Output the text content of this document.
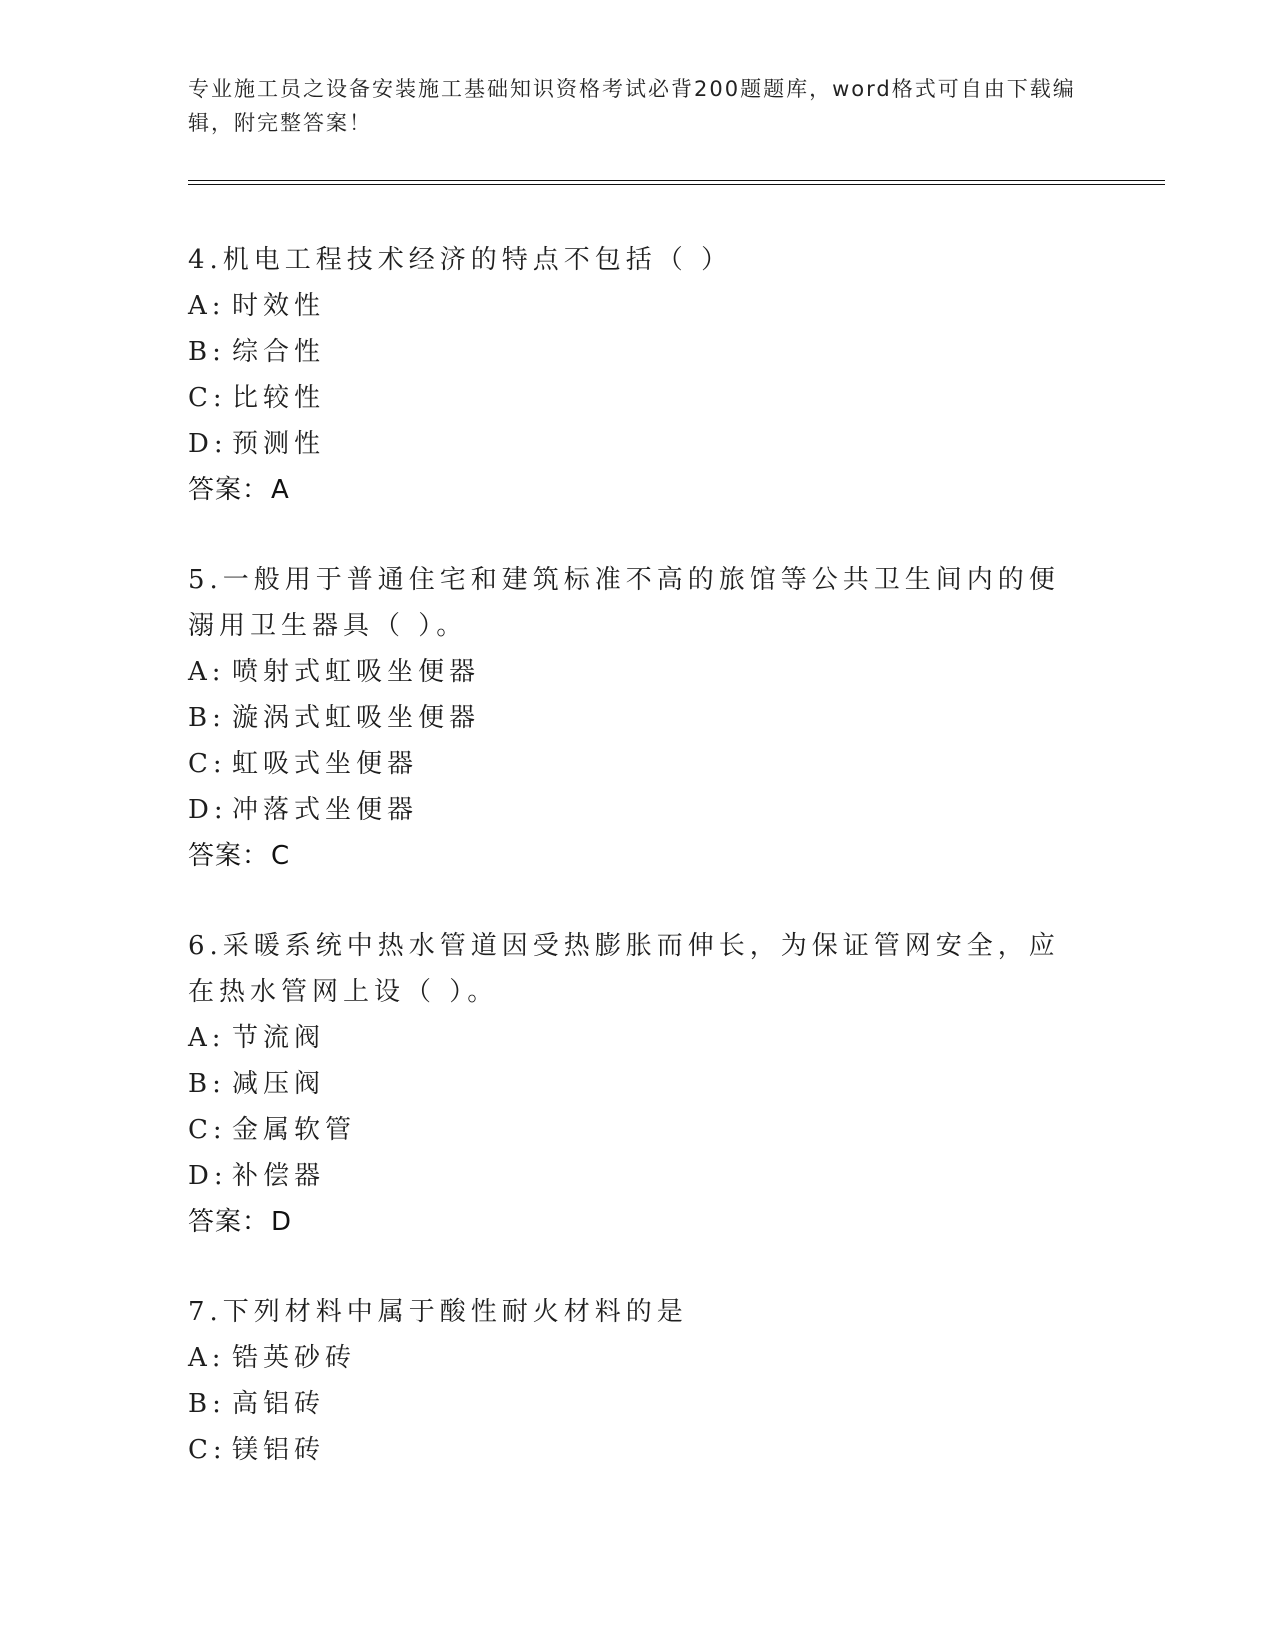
专业施工员之设备安装施工基础知识资格考试必背200题题库，word格式可自由下载编辑，附完整答案！
4.机电工程技术经济的特点不包括（ ）
A: 时效性
B: 综合性
C: 比较性
D: 预测性
答案：A
5.一般用于普通住宅和建筑标准不高的旅馆等公共卫生间内的便溺用卫生器具（ ）。
A: 喷射式虹吸坐便器
B: 漩涡式虹吸坐便器
C: 虹吸式坐便器
D: 冲落式坐便器
答案：C
6.采暖系统中热水管道因受热膨胀而伸长，为保证管网安全，应在热水管网上设（ ）。
A: 节流阀
B: 减压阀
C: 金属软管
D: 补偿器
答案：D
7.下列材料中属于酸性耐火材料的是
A: 锆英砂砖
B: 高铝砖
C: 镁铝砖
